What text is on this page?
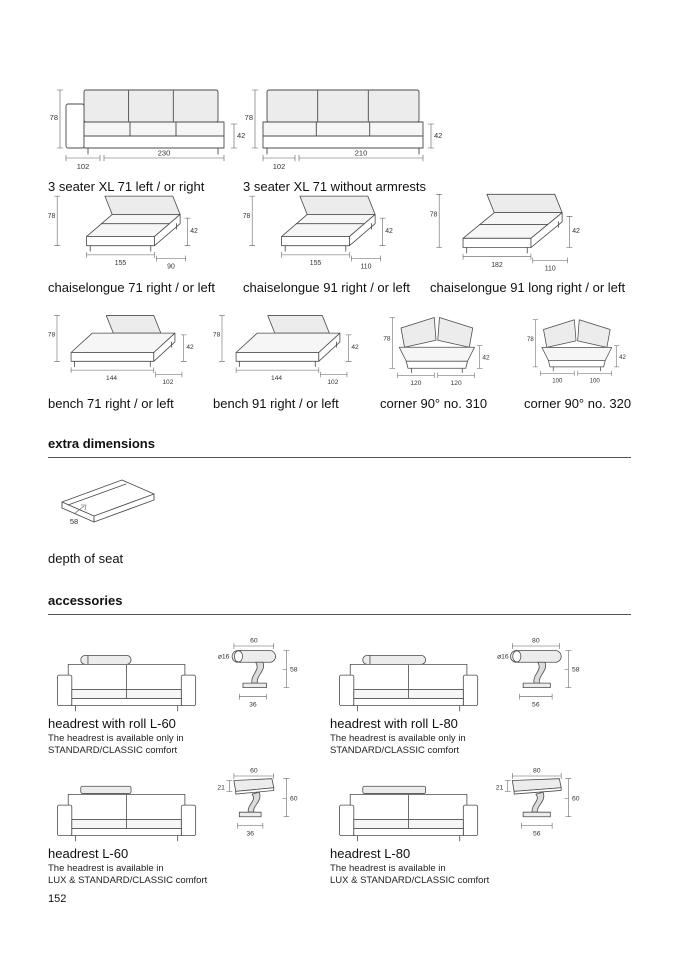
78
42
102
230
3 seater XL 71 left / or right
78
42
102
210
3 seater XL 71 without armrests
78
42
155
90
chaiselongue 71 right / or left
78
42
155
110
chaiselongue 91 right / or left
78
42
182
110
chaiselongue 91 long right / or left
78
42
144
102
bench 71 right / or left
78
42
144
102
bench 91 right / or left
78
42
120	120
corner 90° no. 310
78
42
100	100
corner 90° no. 320
extra dimensions
58
depth of seat
accessories
60
⌀16
58
36
headrest with roll L-60
The headrest is available only in
STANDARD/CLASSIC comfort
80
⌀16
58
56
headrest with roll L-80
The headrest is available only in
STANDARD/CLASSIC comfort
60
21
60
36
headrest L-60
The headrest is available in
LUX & STANDARD/CLASSIC comfort
80
21
60
56
headrest L-80
The headrest is available in
LUX & STANDARD/CLASSIC comfort
152
